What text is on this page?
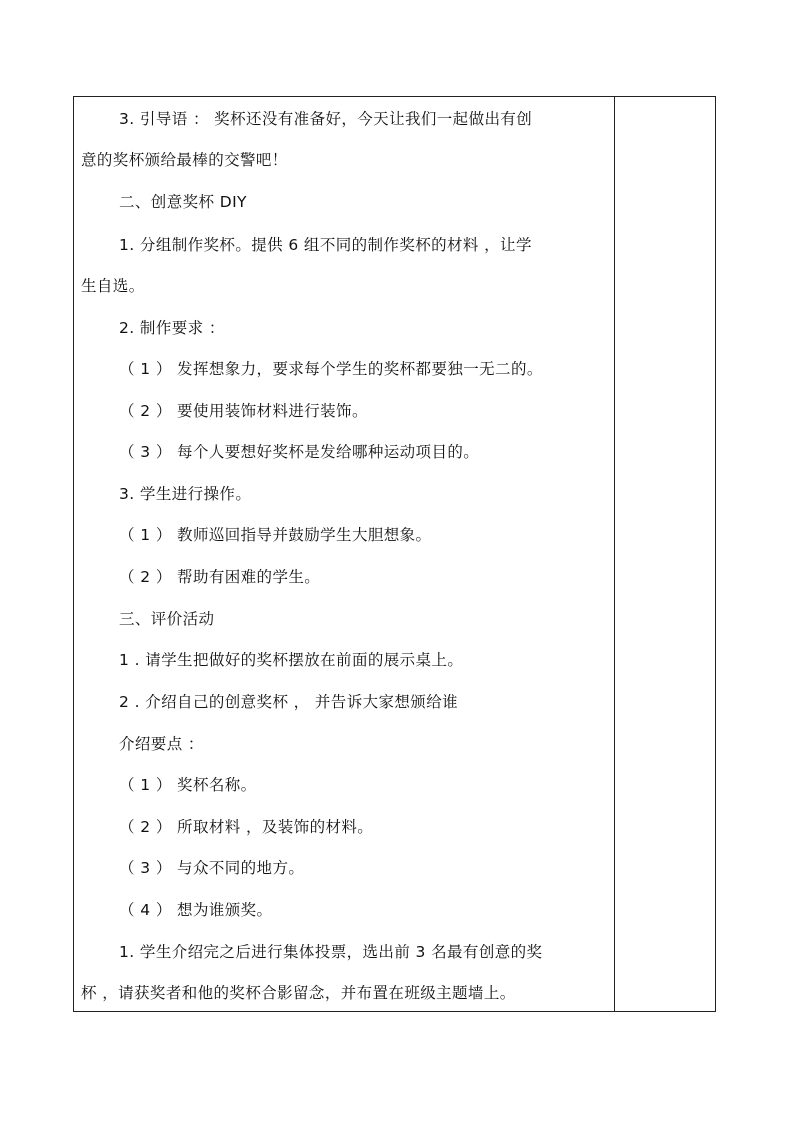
3. 引导语 ： 奖杯还没有准备好，今天让我们一起做出有创
意的奖杯颁给最棒的交警吧！
二、创意奖杯 DIY
1. 分组制作奖杯。提供 6 组不同的制作奖杯的材料 ，让学
生自选。
2. 制作要求 ：
（ 1 ） 发挥想象力，要求每个学生的奖杯都要独一无二的。
（ 2 ） 要使用装饰材料进行装饰。
（ 3 ） 每个人要想好奖杯是发给哪种运动项目的。
3. 学生进行操作。
（ 1 ） 教师巡回指导并鼓励学生大胆想象。
（ 2 ） 帮助有困难的学生。
三、评价活动
1 . 请学生把做好的奖杯摆放在前面的展示桌上。
2 . 介绍自己的创意奖杯 ， 并告诉大家想颁给谁
介绍要点 ：
（ 1 ） 奖杯名称。
（ 2 ） 所取材料 ，及装饰的材料。
（ 3 ） 与众不同的地方。
（ 4 ） 想为谁颁奖。
1. 学生介绍完之后进行集体投票，选出前 3 名最有创意的奖
杯 ，请获奖者和他的奖杯合影留念，并布置在班级主题墙上。
